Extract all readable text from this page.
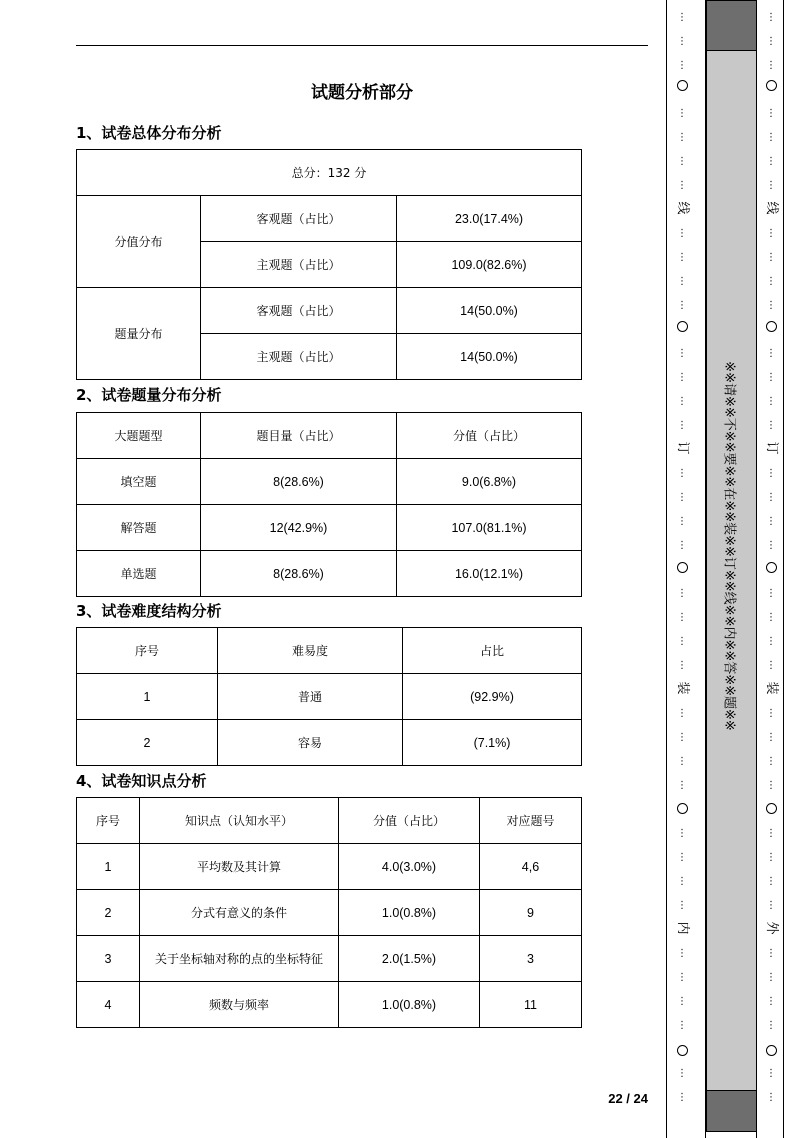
试题分析部分
1、试卷总体分布分析
总分：132 分		
分值分布	客观题（占比）	23.0(17.4%)
	主观题（占比）	109.0(82.6%)
题量分布	客观题（占比）	14(50.0%)
	主观题（占比）	14(50.0%)
2、试卷题量分布分析
大题题型	题目量（占比）	分值（占比）
填空题	8(28.6%)	9.0(6.8%)
解答题	12(42.9%)	107.0(81.1%)
单选题	8(28.6%)	16.0(12.1%)
3、试卷难度结构分析
序号	难易度	占比
1	普通	(92.9%)
2	容易	(7.1%)
4、试卷知识点分析
序号	知识点（认知水平）	分值（占比）	对应题号
1	平均数及其计算	4.0(3.0%)	4,6
2	分式有意义的条件	1.0(0.8%)	9
3	关于坐标轴对称的点的坐标特征	2.0(1.5%)	3
4	频数与频率	1.0(0.8%)	11
22 / 24
※※请※※不※※要※※在※※装※※订※※线※※内※※答※※题※※
⋮
⋮
⋮
⋮
⋮
⋮
⋮
⋮
⋮
⋮
⋮
⋮
⋮
⋮
⋮
⋮
⋮
⋮
⋮
⋮
⋮
⋮
⋮
⋮
⋮
⋮
⋮
⋮
⋮
⋮
⋮
⋮
⋮
⋮
⋮
⋮
⋮
线
订
装
内
⋮
⋮
⋮
⋮
⋮
⋮
⋮
⋮
⋮
⋮
⋮
⋮
⋮
⋮
⋮
⋮
⋮
⋮
⋮
⋮
⋮
⋮
⋮
⋮
⋮
⋮
⋮
⋮
⋮
⋮
⋮
⋮
⋮
⋮
⋮
⋮
⋮
线
订
装
外
